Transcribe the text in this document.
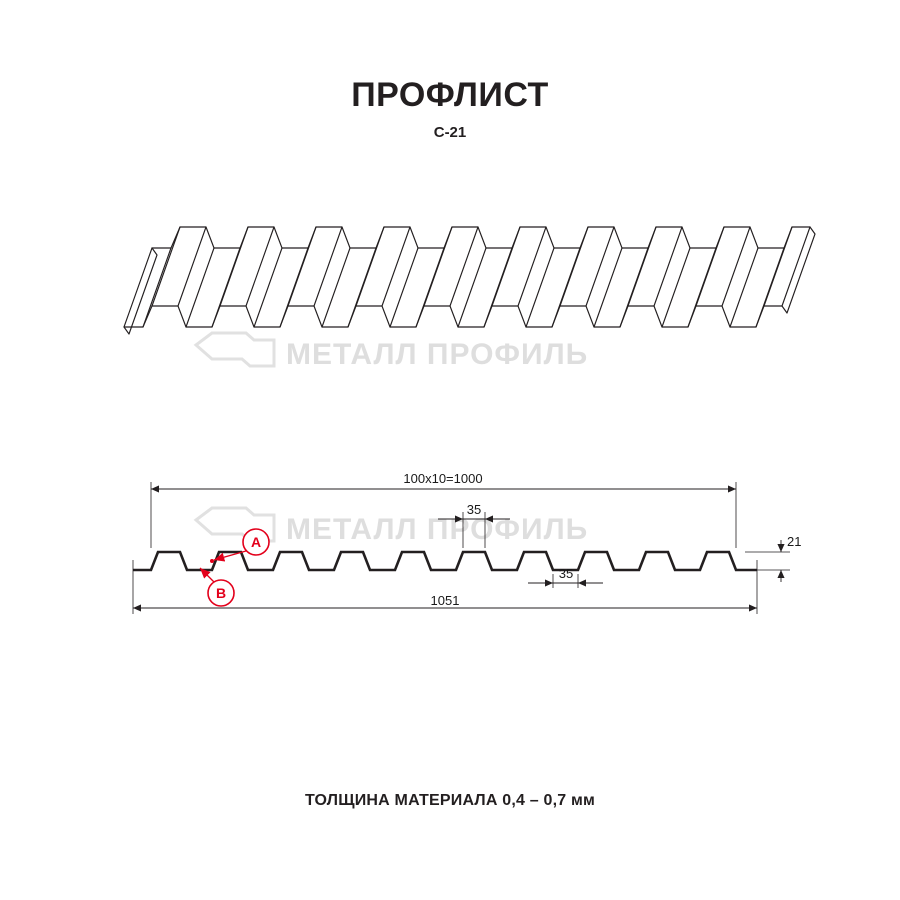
ПРОФЛИСТ
С-21
МЕТАЛЛ ПРОФИЛЬ
МЕТАЛЛ ПРОФИЛЬ
100х10=1000
1051
35
35
21
A
B
ТОЛЩИНА МАТЕРИАЛА 0,4 – 0,7 мм
